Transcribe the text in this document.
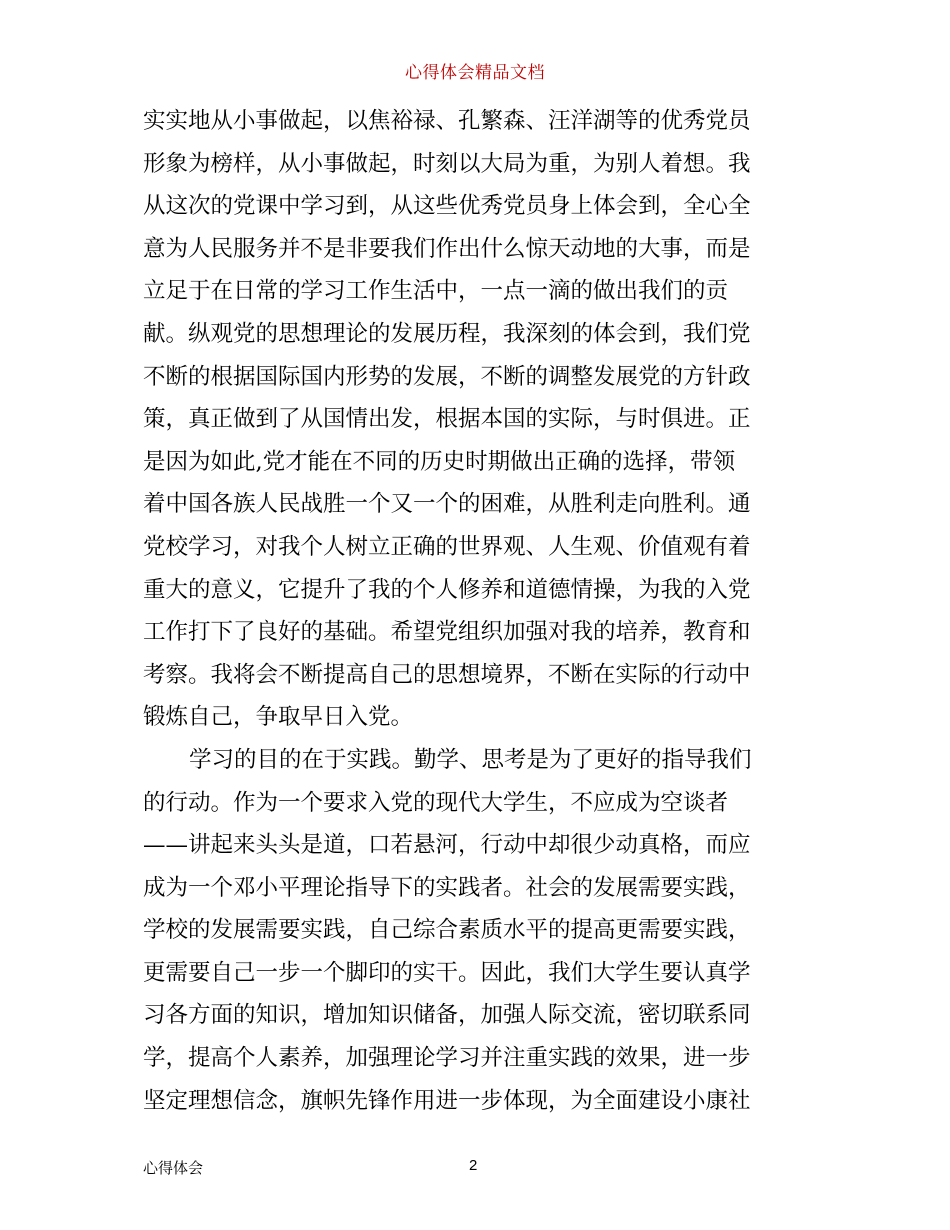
心得体会精品文档
实实地从小事做起，以焦裕禄、孔繁森、汪洋湖等的优秀党员
形象为榜样，从小事做起，时刻以大局为重，为别人着想。我
从这次的党课中学习到，从这些优秀党员身上体会到，全心全
意为人民服务并不是非要我们作出什么惊天动地的大事，而是
立足于在日常的学习工作生活中，一点一滴的做出我们的贡
献。纵观党的思想理论的发展历程，我深刻的体会到，我们党
不断的根据国际国内形势的发展，不断的调整发展党的方针政
策，真正做到了从国情出发，根据本国的实际，与时俱进。正
是因为如此,党才能在不同的历史时期做出正确的选择，带领
着中国各族人民战胜一个又一个的困难，从胜利走向胜利。通
党校学习，对我个人树立正确的世界观、人生观、价值观有着
重大的意义，它提升了我的个人修养和道德情操，为我的入党
工作打下了良好的基础。希望党组织加强对我的培养，教育和
考察。我将会不断提高自己的思想境界，不断在实际的行动中
锻炼自己，争取早日入党。
学习的目的在于实践。勤学、思考是为了更好的指导我们
的行动。作为一个要求入党的现代大学生，不应成为空谈者
——讲起来头头是道，口若悬河，行动中却很少动真格，而应
成为一个邓小平理论指导下的实践者。社会的发展需要实践，
学校的发展需要实践，自己综合素质水平的提高更需要实践，
更需要自己一步一个脚印的实干。因此，我们大学生要认真学
习各方面的知识，增加知识储备，加强人际交流，密切联系同
学，提高个人素养，加强理论学习并注重实践的效果，进一步
坚定理想信念，旗帜先锋作用进一步体现，为全面建设小康社
心得体会	2
